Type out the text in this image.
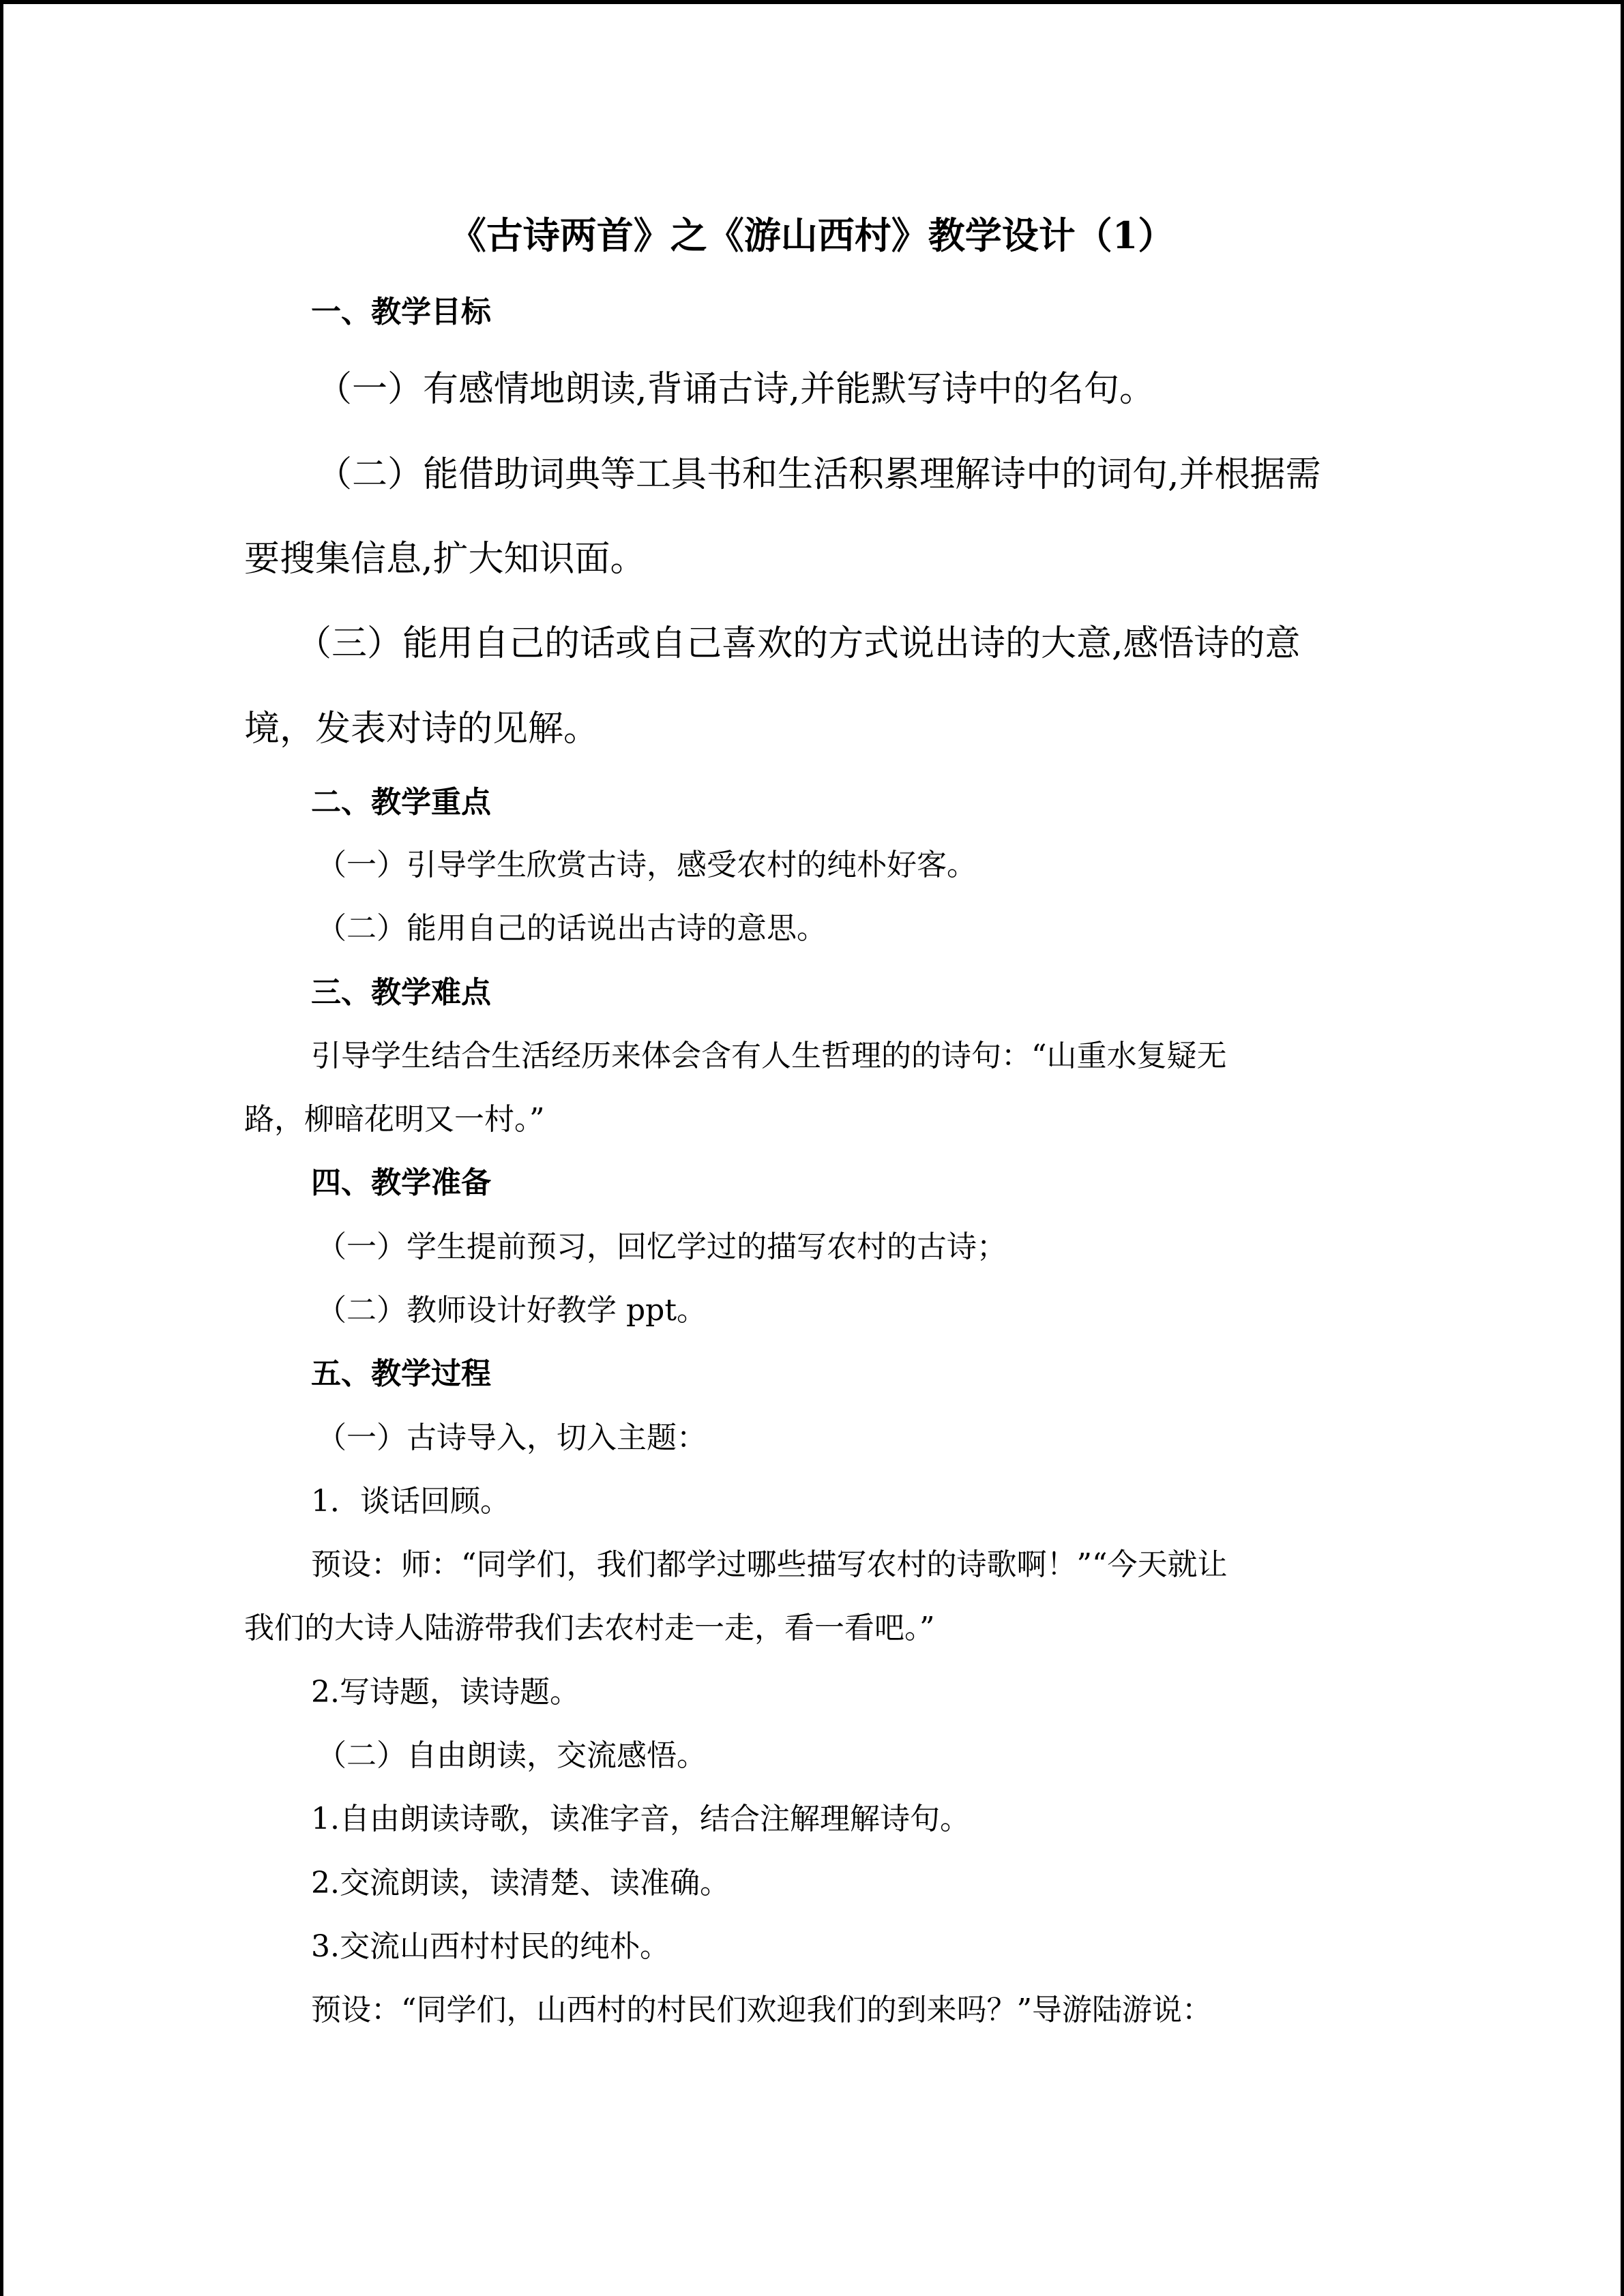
《古诗两首》之《游山西村》教学设计（1）
一、教学目标
（一）有感情地朗读,背诵古诗,并能默写诗中的名句。
（二）能借助词典等工具书和生活积累理解诗中的词句,并根据需
要搜集信息,扩大知识面。
（三）能用自己的话或自己喜欢的方式说出诗的大意,感悟诗的意
境，发表对诗的见解。
二、教学重点
（一）引导学生欣赏古诗，感受农村的纯朴好客。
（二）能用自己的话说出古诗的意思。
三、教学难点
引导学生结合生活经历来体会含有人生哲理的的诗句：“山重水复疑无
路，柳暗花明又一村。”
四、教学准备
（一）学生提前预习，回忆学过的描写农村的古诗；
（二）教师设计好教学 ppt。
五、教学过程
（一）古诗导入，切入主题：
1．谈话回顾。
预设：师：“同学们，我们都学过哪些描写农村的诗歌啊！”“今天就让
我们的大诗人陆游带我们去农村走一走，看一看吧。”
2.写诗题，读诗题。
（二）自由朗读，交流感悟。
1.自由朗读诗歌，读准字音，结合注解理解诗句。
2.交流朗读，读清楚、读准确。
3.交流山西村村民的纯朴。
预设：“同学们，山西村的村民们欢迎我们的到来吗？”导游陆游说：
